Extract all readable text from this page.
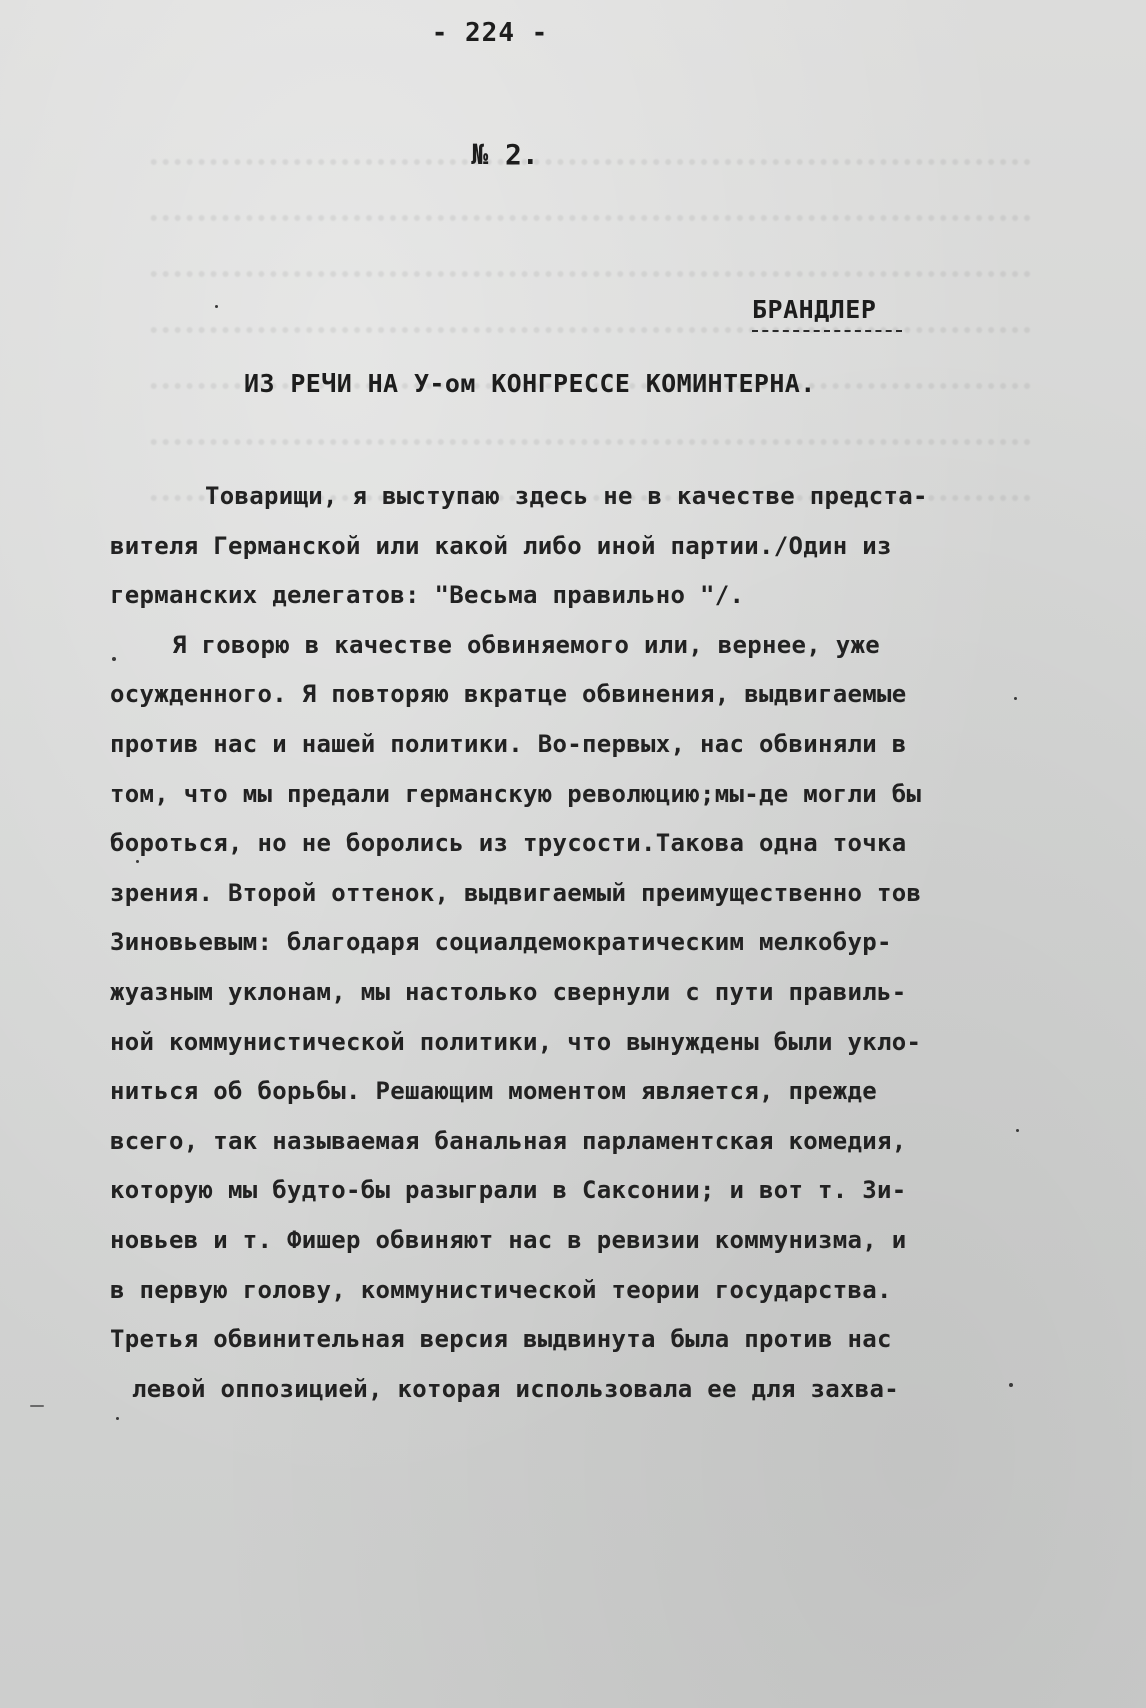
- 224 -
№ 2.
БРАНДЛЕР
ИЗ РЕЧИ НА У-ом КОНГРЕССЕ КОМИНТЕРНА.
Товарищи, я выступаю здесь не в качестве предста-
вителя Германской или какой либо иной партии./Один из
германских делегатов: "Весьма правильно "/.
Я говорю в качестве обвиняемого или, вернее, уже
осужденного. Я повторяю вкратце обвинения, выдвигаемые
против нас и нашей политики. Во-первых, нас обвиняли в
том, что мы предали германскую революцию;мы-де могли бы
бороться, но не боролись из трусости.Такова одна точка
зрения. Второй оттенок, выдвигаемый преимущественно тов
Зиновьевым: благодаря социалдемократическим мелкобур-
жуазным уклонам, мы настолько свернули с пути правиль-
ной коммунистической политики, что вынуждены были укло-
ниться об борьбы. Решающим моментом является, прежде
всего, так называемая банальная парламентская комедия,
которую мы будто-бы разыграли в Саксонии; и вот т. Зи-
новьев и т. Фишер обвиняют нас в ревизии коммунизма, и
в первую голову, коммунистической теории государства.
Третья обвинительная версия выдвинута была против нас
левой оппозицией, которая использовала ее для захва-
